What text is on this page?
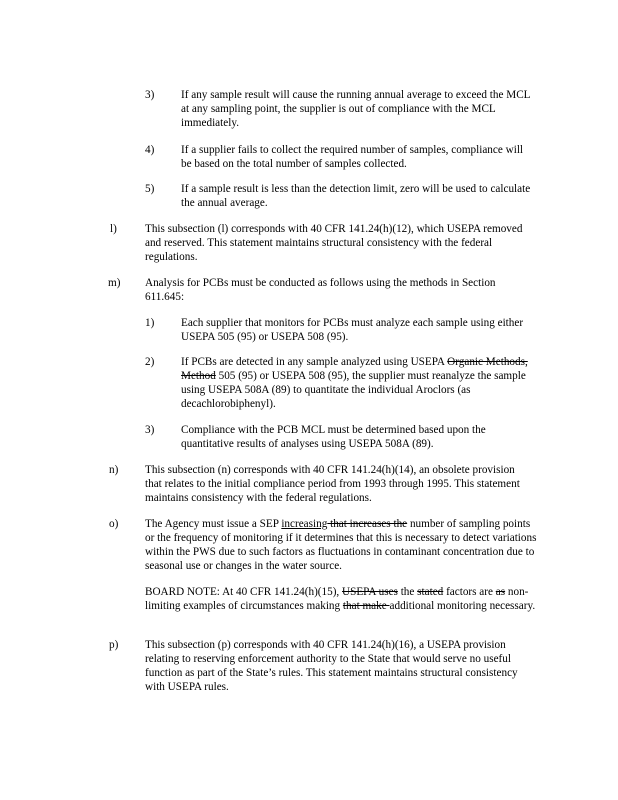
3) If any sample result will cause the running annual average to exceed the MCL at any sampling point, the supplier is out of compliance with the MCL immediately.

4) If a supplier fails to collect the required number of samples, compliance will be based on the total number of samples collected.

5) If a sample result is less than the detection limit, zero will be used to calculate the annual average.

l)	This subsection (l) corresponds with 40 CFR 141.24(h)(12), which USEPA removed and reserved. This statement maintains structural consistency with the federal regulations.

m) Analysis for PCBs must be conducted as follows using the methods in Section 611.645:

1) Each supplier that monitors for PCBs must analyze each sample using either USEPA 505 (95) or USEPA 508 (95).

2) If PCBs are detected in any sample analyzed using USEPA Organic Methods, Method 505 (95) or USEPA 508 (95), the supplier must reanalyze the sample using USEPA 508A (89) to quantitate the individual Aroclors (as decachlorobiphenyl).

3) Compliance with the PCB MCL must be determined based upon the quantitative results of analyses using USEPA 508A (89).

n) This subsection (n) corresponds with 40 CFR 141.24(h)(14), an obsolete provision that relates to the initial compliance period from 1993 through 1995. This statement maintains consistency with the federal regulations.

o) The Agency must issue a SEP increasing that increases the number of sampling points or the frequency of monitoring if it determines that this is necessary to detect variations within the PWS due to such factors as fluctuations in contaminant concentration due to seasonal use or changes in the water source.

BOARD NOTE: At 40 CFR 141.24(h)(15), USEPA uses the stated factors are as non-limiting examples of circumstances making that make additional monitoring necessary.

p) This subsection (p) corresponds with 40 CFR 141.24(h)(16), a USEPA provision relating to reserving enforcement authority to the State that would serve no useful function as part of the State’s rules. This statement maintains structural consistency with USEPA rules.
